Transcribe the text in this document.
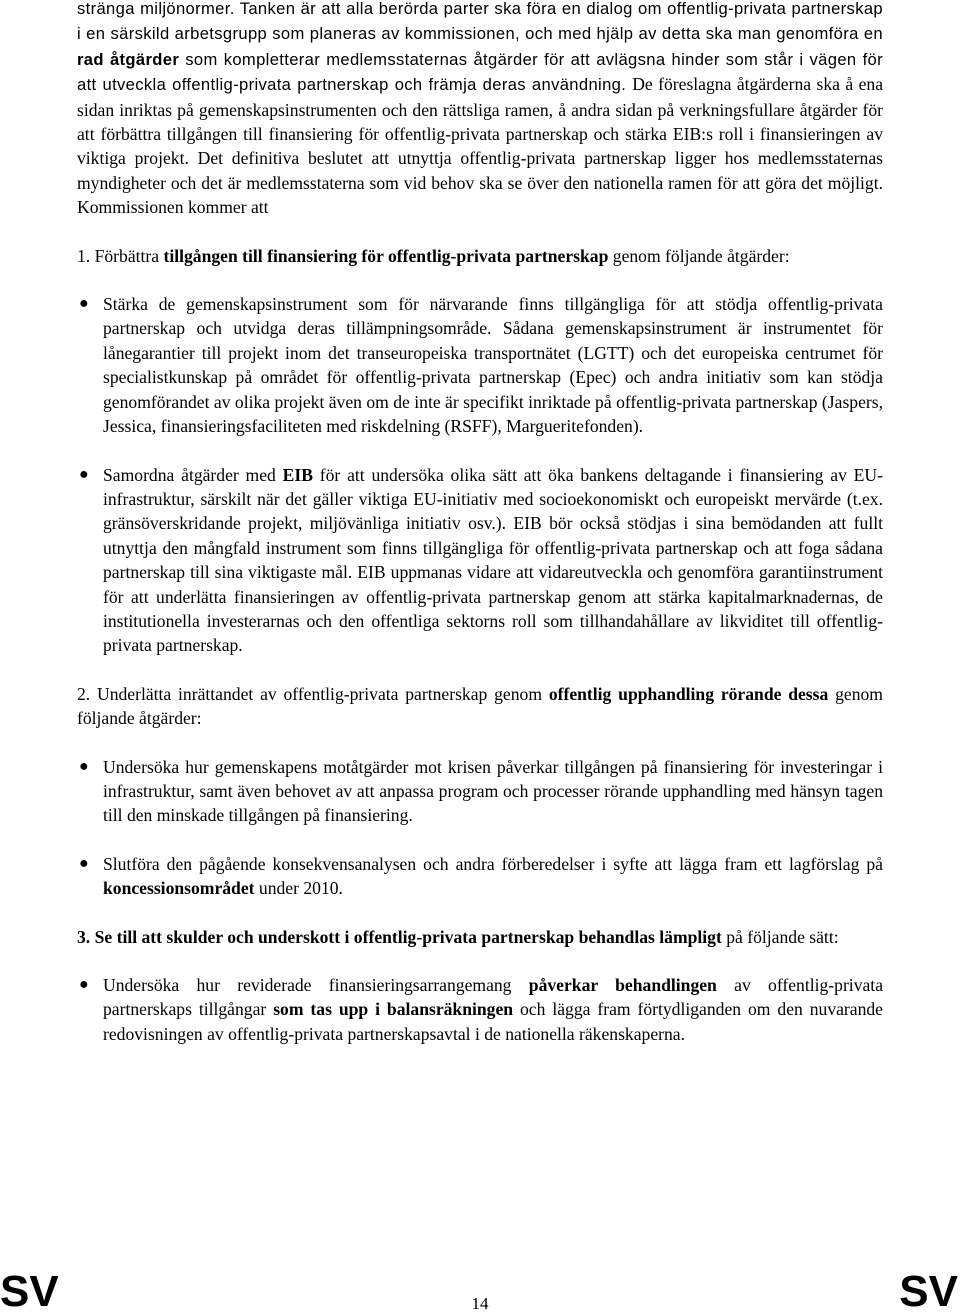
stränga miljönormer. Tanken är att alla berörda parter ska föra en dialog om offentlig-privata partnerskap i en särskild arbetsgrupp som planeras av kommissionen, och med hjälp av detta ska man genomföra en rad åtgärder som kompletterar medlemsstaternas åtgärder för att avlägsna hinder som står i vägen för att utveckla offentlig-privata partnerskap och främja deras användning. De föreslagna åtgärderna ska å ena sidan inriktas på gemenskapsinstrumenten och den rättsliga ramen, å andra sidan på verkningsfullare åtgärder för att förbättra tillgången till finansiering för offentlig-privata partnerskap och stärka EIB:s roll i finansieringen av viktiga projekt. Det definitiva beslutet att utnyttja offentlig-privata partnerskap ligger hos medlemsstaternas myndigheter och det är medlemsstaterna som vid behov ska se över den nationella ramen för att göra det möjligt. Kommissionen kommer att

1. Förbättra tillgången till finansiering för offentlig-privata partnerskap genom följande åtgärder:

● Stärka de gemenskapsinstrument som för närvarande finns tillgängliga för att stödja offentlig-privata partnerskap och utvidga deras tillämpningsområde. Sådana gemenskapsinstrument är instrumentet för lånegarantier till projekt inom det transeuropeiska transportnätet (LGTT) och det europeiska centrumet för specialistkunskap på området för offentlig-privata partnerskap (Epec) och andra initiativ som kan stödja genomförandet av olika projekt även om de inte är specifikt inriktade på offentlig-privata partnerskap (Jaspers, Jessica, finansieringsfaciliteten med riskdelning (RSFF), Margueritefonden).

● Samordna åtgärder med EIB för att undersöka olika sätt att öka bankens deltagande i finansiering av EU-infrastruktur, särskilt när det gäller viktiga EU-initiativ med socioekonomiskt och europeiskt mervärde (t.ex. gränsöverskridande projekt, miljövänliga initiativ osv.). EIB bör också stödjas i sina bemödanden att fullt utnyttja den mångfald instrument som finns tillgängliga för offentlig-privata partnerskap och att foga sådana partnerskap till sina viktigaste mål. EIB uppmanas vidare att vidareutveckla och genomföra garantiinstrument för att underlätta finansieringen av offentlig-privata partnerskap genom att stärka kapitalmarknadernas, de institutionella investerarnas och den offentliga sektorns roll som tillhandahållare av likviditet till offentlig-privata partnerskap.

2. Underlätta inrättandet av offentlig-privata partnerskap genom offentlig upphandling rörande dessa genom följande åtgärder:

● Undersöka hur gemenskapens motåtgärder mot krisen påverkar tillgången på finansiering för investeringar i infrastruktur, samt även behovet av att anpassa program och processer rörande upphandling med hänsyn tagen till den minskade tillgången på finansiering.

● Slutföra den pågående konsekvensanalysen och andra förberedelser i syfte att lägga fram ett lagförslag på koncessionsområdet under 2010.

3. Se till att skulder och underskott i offentlig-privata partnerskap behandlas lämpligt på följande sätt:

● Undersöka hur reviderade finansieringsarrangemang påverkar behandlingen av offentlig-privata partnerskaps tillgångar som tas upp i balansräkningen och lägga fram förtydliganden om den nuvarande redovisningen av offentlig-privata partnerskapsavtal i de nationella räkenskaperna.

SV	14	SV
